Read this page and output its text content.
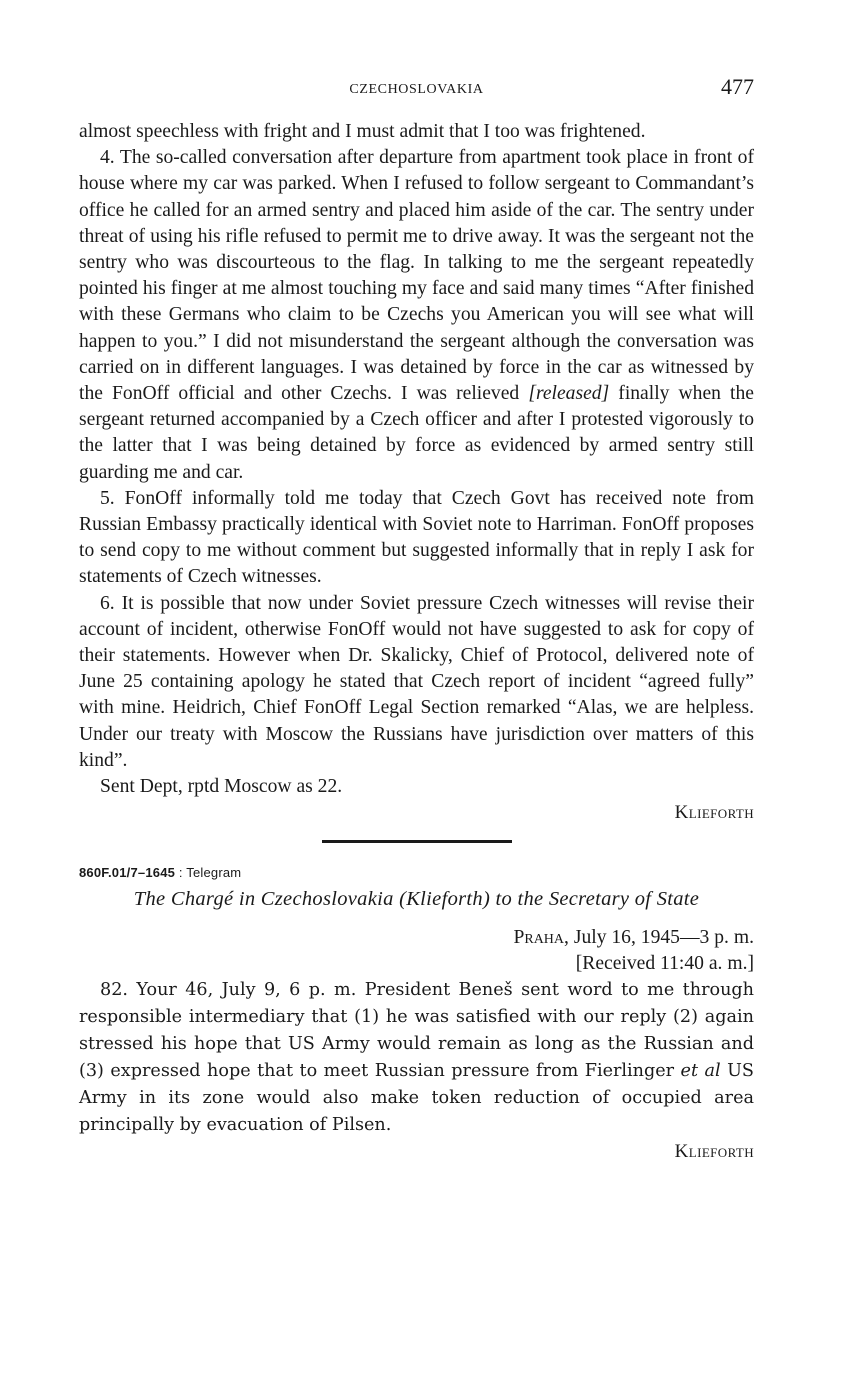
CZECHOSLOVAKIA	477

almost speechless with fright and I must admit that I too was frightened.

4. The so-called conversation after departure from apartment took place in front of house where my car was parked. When I refused to follow sergeant to Commandant’s office he called for an armed sentry and placed him aside of the car. The sentry under threat of using his rifle refused to permit me to drive away. It was the sergeant not the sentry who was discourteous to the flag. In talking to me the sergeant repeatedly pointed his finger at me almost touching my face and said many times “After finished with these Germans who claim to be Czechs you American you will see what will happen to you.” I did not misunderstand the sergeant although the conversation was carried on in different languages. I was detained by force in the car as witnessed by the FonOff official and other Czechs. I was relieved [released] finally when the sergeant returned accompanied by a Czech officer and after I protested vigorously to the latter that I was being detained by force as evidenced by armed sentry still guarding me and car.

5. FonOff informally told me today that Czech Govt has received note from Russian Embassy practically identical with Soviet note to Harriman. FonOff proposes to send copy to me without comment but suggested informally that in reply I ask for statements of Czech witnesses.

6. It is possible that now under Soviet pressure Czech witnesses will revise their account of incident, otherwise FonOff would not have suggested to ask for copy of their statements. However when Dr. Skalicky, Chief of Protocol, delivered note of June 25 containing apology he stated that Czech report of incident “agreed fully” with mine. Heidrich, Chief FonOff Legal Section remarked “Alas, we are helpless. Under our treaty with Moscow the Russians have jurisdiction over matters of this kind”.

Sent Dept, rptd Moscow as 22.

Klieforth

860F.01/7–1645 : Telegram

The Chargé in Czechoslovakia (Klieforth) to the Secretary of State

Praha, July 16, 1945—3 p. m.
[Received 11:40 a. m.]

82. Your 46, July 9, 6 p. m. President Beneš sent word to me through responsible intermediary that (1) he was satisfied with our reply (2) again stressed his hope that US Army would remain as long as the Russian and (3) expressed hope that to meet Russian pressure from Fierlinger et al US Army in its zone would also make token reduction of occupied area principally by evacuation of Pilsen.

Klieforth
